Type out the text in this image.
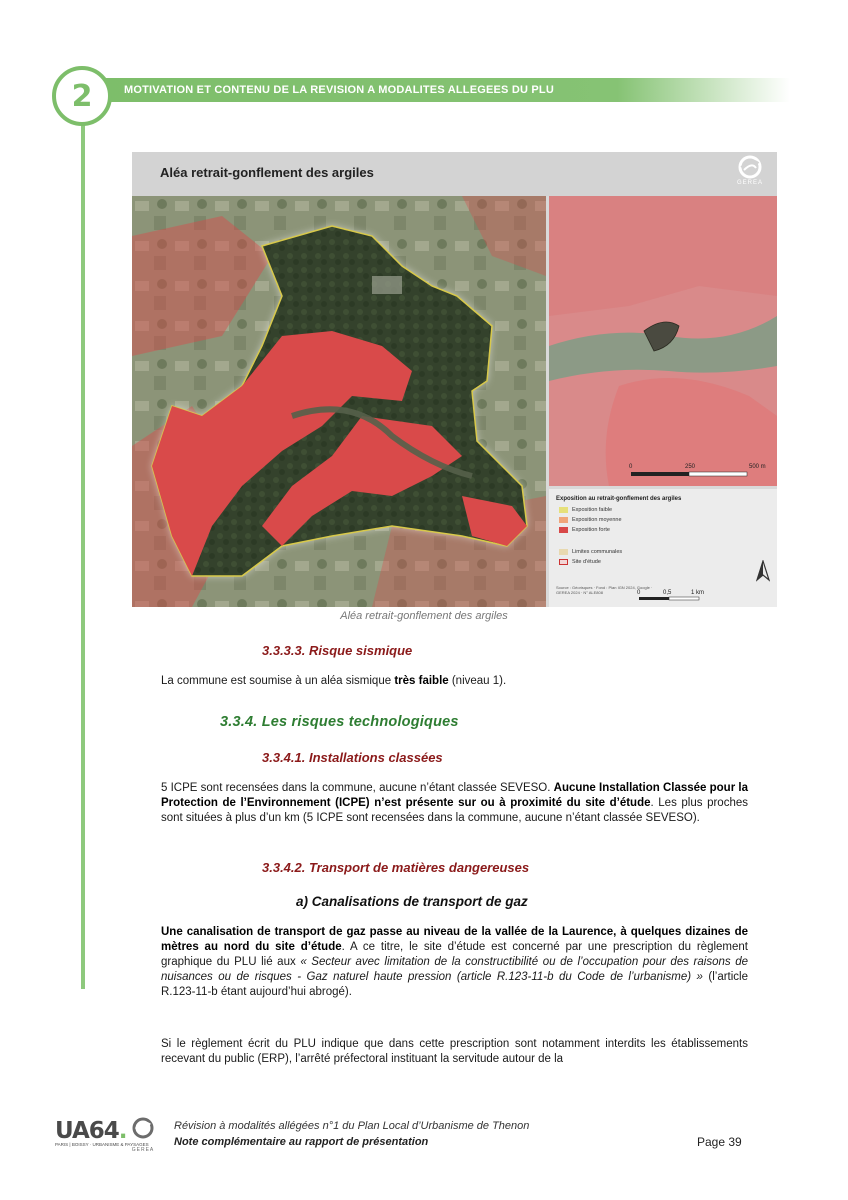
2	MOTIVATION ET CONTENU DE LA REVISION A MODALITES ALLEGEES DU PLU
Aléa retrait-gonflement des argiles
GEREA
0	250	500 m
Exposition au retrait-gonflement des argiles
Exposition faible
Exposition moyenne
Exposition forte
Limites communales
Site d'étude
Source : Géorisques · Fond : Plan IGN 2024, Google · GEREA 2024 · N° ALE808	0	0,5	1 km
Aléa retrait-gonflement des argiles
3.3.3.3. Risque sismique
La commune est soumise à un aléa sismique très faible (niveau 1).
3.3.4. Les risques technologiques
3.3.4.1. Installations classées
5 ICPE sont recensées dans la commune, aucune n’étant classée SEVESO. Aucune Installation Classée pour la Protection de l’Environnement (ICPE) n’est présente sur ou à proximité du site d’étude. Les plus proches sont situées à plus d’un km (5 ICPE sont recensées dans la commune, aucune n’étant classée SEVESO).
3.3.4.2. Transport de matières dangereuses
a) Canalisations de transport de gaz
Une canalisation de transport de gaz passe au niveau de la vallée de la Laurence, à quelques dizaines de mètres au nord du site d’étude. A ce titre, le site d’étude est concerné par une prescription du règlement graphique du PLU lié aux « Secteur avec limitation de la constructibilité ou de l’occupation pour des raisons de nuisances ou de risques - Gaz naturel haute pression (article R.123-11-b du Code de l’urbanisme) » (l’article R.123-11-b étant aujourd’hui abrogé).
Si le règlement écrit du PLU indique que dans cette prescription sont notamment interdits les établissements recevant du public (ERP), l’arrêté préfectoral instituant la servitude autour de la
UA64.
PARIS | BOISSY · URBANISME & PAYSAGES
GEREA
Révision à modalités allégées n°1 du Plan Local d’Urbanisme de Thenon
Note complémentaire au rapport de présentation	Page 39
